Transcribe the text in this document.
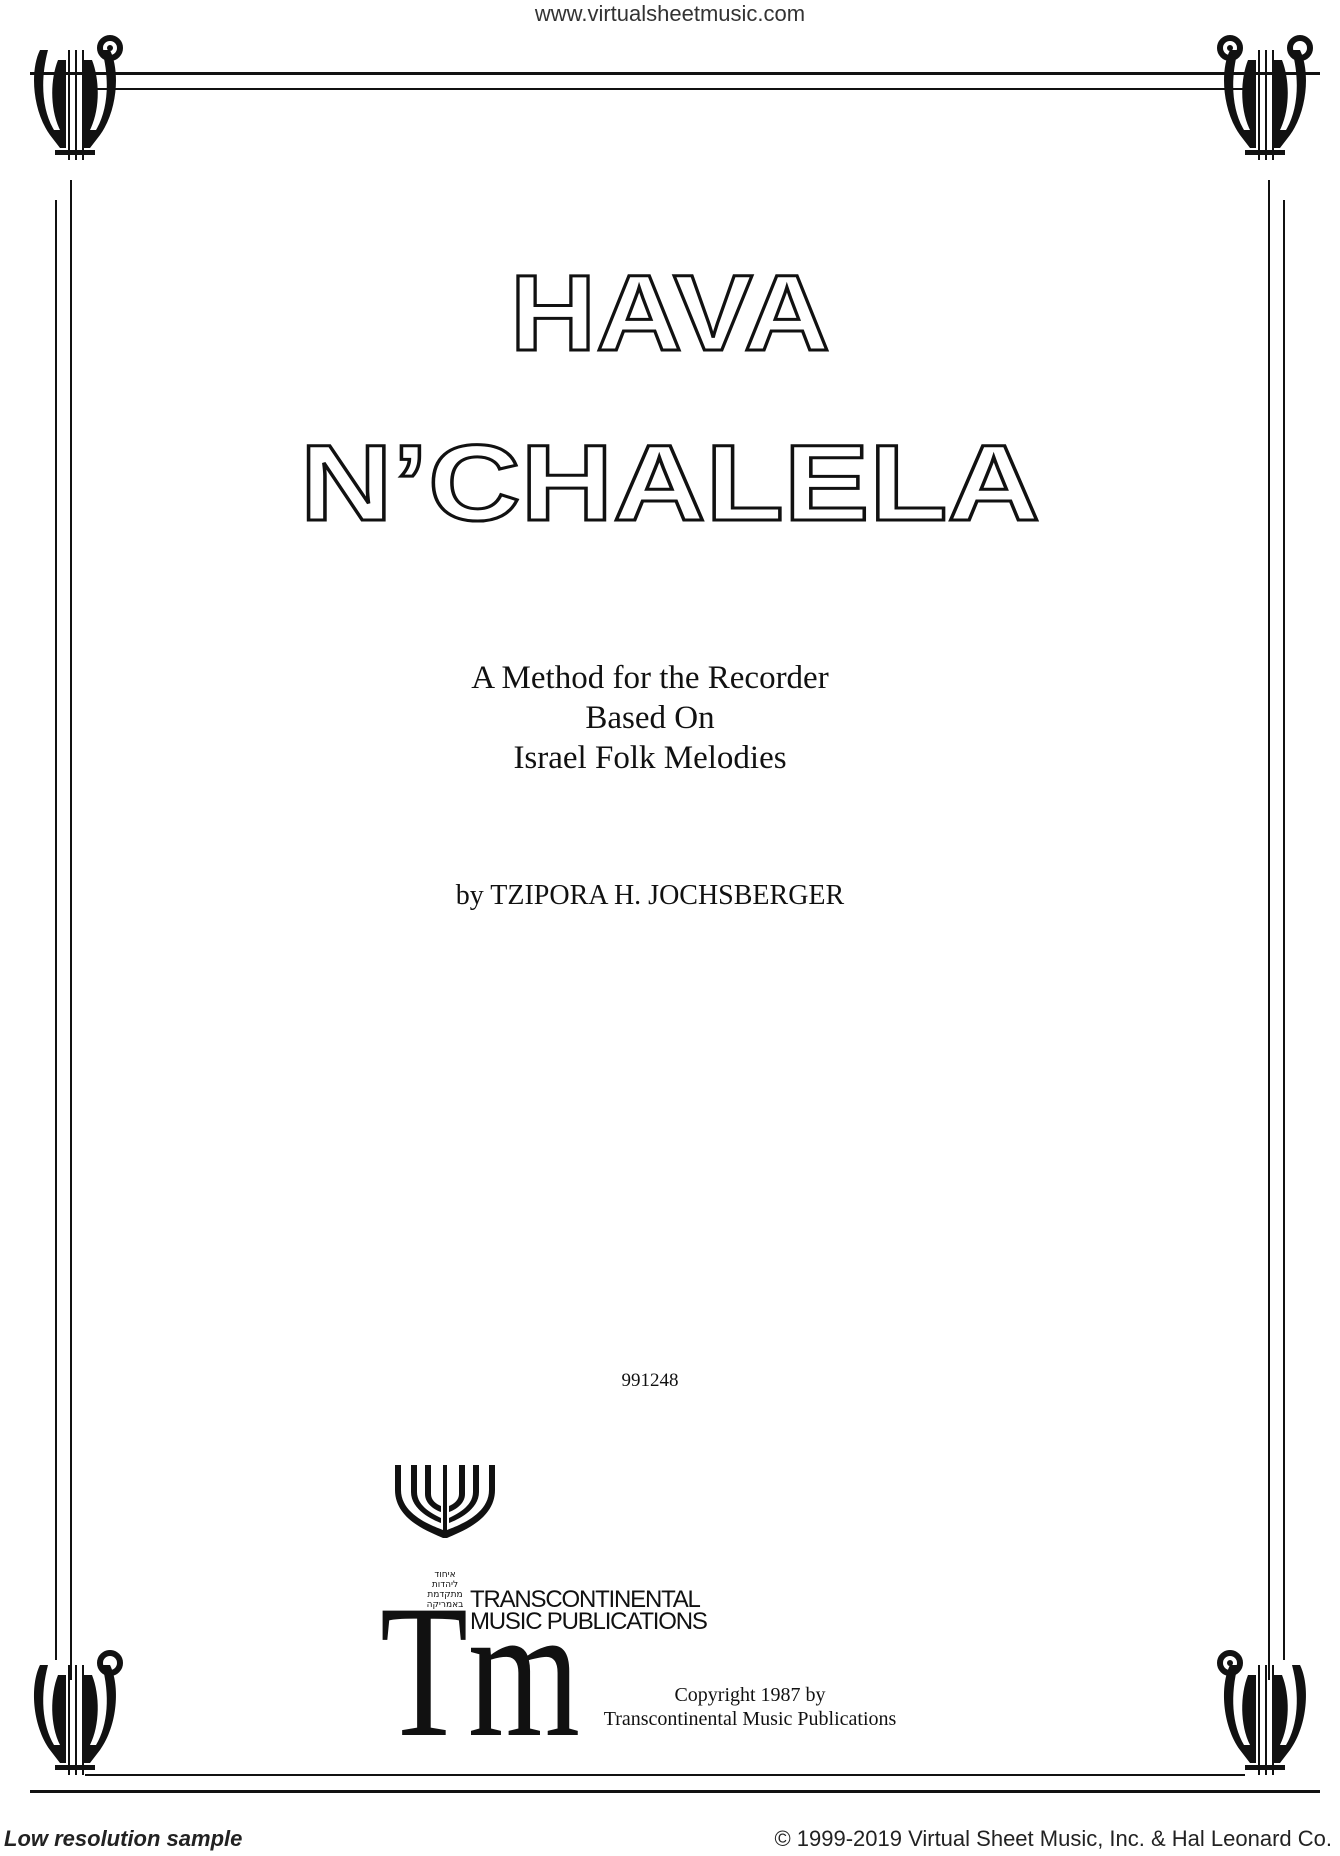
www.virtualsheetmusic.com
HAVA
N’CHALELA
A Method for the Recorder
Based On
Israel Folk Melodies
by TZIPORA H. JOCHSBERGER
991248
איחוד
ליהדות
מתקדמת
באמריקה
Tm
TRANSCONTINENTAL
MUSIC PUBLICATIONS
Copyright 1987 by
Transcontinental Music Publications
Low resolution sample	© 1999-2019 Virtual Sheet Music, Inc. & Hal Leonard Co.
